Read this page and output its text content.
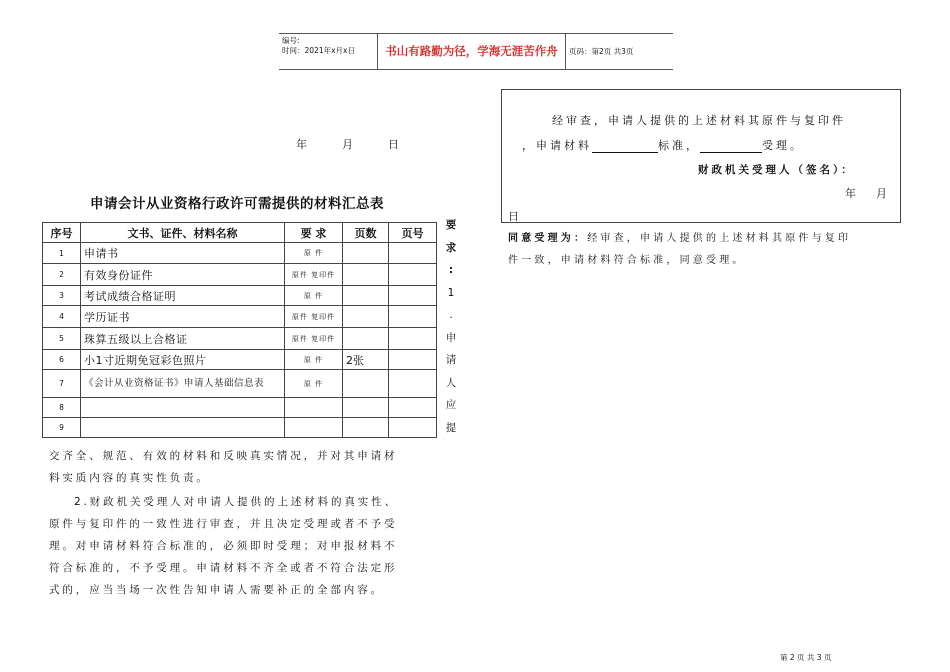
编号:
时间：2021年x月x日	书山有路勤为径，学海无涯苦作舟	页码：第2页 共3页
年          月          日
申请会计从业资格行政许可需提供的材料汇总表
序号	文书、证件、材料名称	要 求	页数	页号
1	申请书	原 件		
2	有效身份证件	原件 复印件		
3	考试成绩合格证明	原 件		
4	学历证书	原件 复印件		
5	珠算五级以上合格证	原件 复印件		
6	小1寸近期免冠彩色照片	原 件	2张	
7	《会计从业资格证书》申请人基础信息表	原 件		
8				
9				
要
求
:
1
.
申
请
人
应
提
交齐全、规范、有效的材料和反映真实情况，并对其申请材
料实质内容的真实性负责。
2.财政机关受理人对申请人提供的上述材料的真实性、
原件与复印件的一致性进行审查，并且决定受理或者不予受
理。对申请材料符合标准的，必须即时受理；对申报材料不
符合标准的，不予受理。申请材料不齐全或者不符合法定形
式的，应当当场一次性告知申请人需要补正的全部内容。
经审查，申请人提供的上述材料其原件与复印件
，申请材料	标准，	受理。
财政机关受理人（签名）：
年 月
日
同意受理为：经审查，申请人提供的上述材料其原件与复印
件一致，申请材料符合标准，同意受理。
第 2 页 共 3 页
